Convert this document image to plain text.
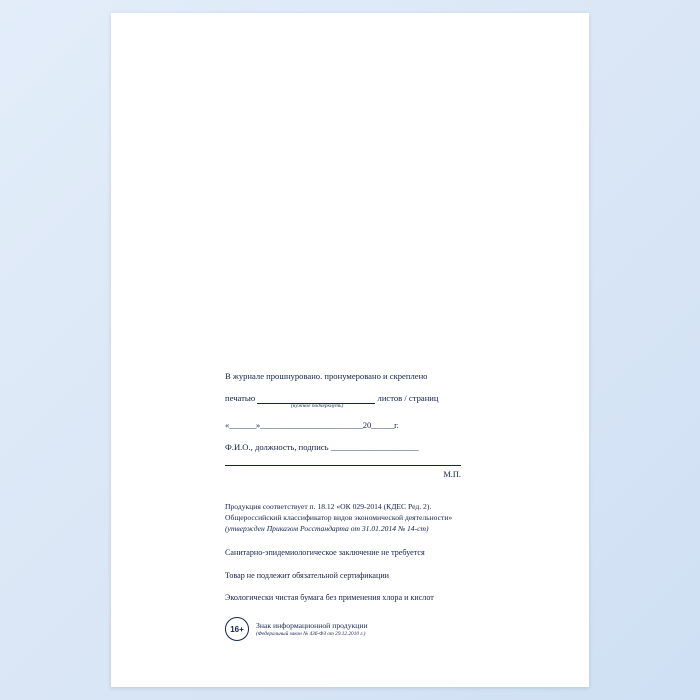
В журнале прошнуровано. пронумеровано и скреплено
печатью	листов / страниц
(нужное подчеркнуть)
«_______»___________________________20______г.
Ф.И.О., должность, подпись _______________________
М.П.
Продукция соответствует п. 18.12 «ОК 029-2014 (КДЕС Ред. 2).
Общероссийский классификатор видов экономической деятельности»
(утвержден Приказом Росстандарта от 31.01.2014 № 14-ст)
Санитарно-эпидемиологическое заключение не требуется
Товар не подлежит обязательной сертификации
Экологически чистая бумага без применения хлора и кислот
16+	Знак информационной продукции
(Федеральный закон № 436-ФЗ от 29.12.2010 г.)
